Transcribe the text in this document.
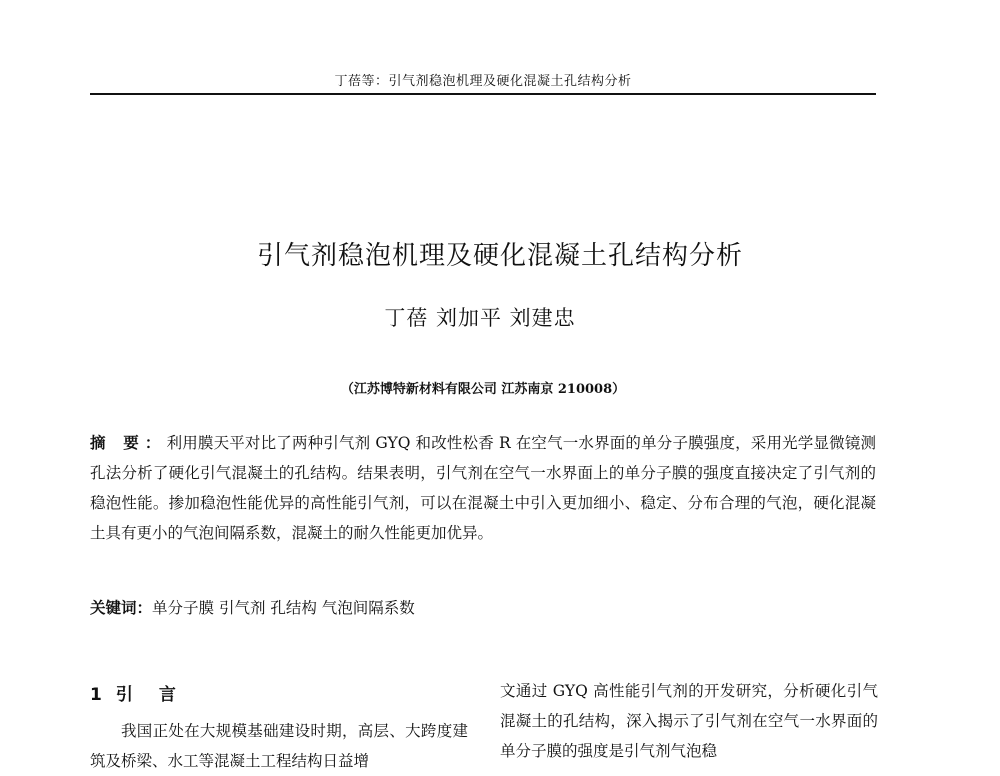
丁蓓等：引气剂稳泡机理及硬化混凝土孔结构分析
引气剂稳泡机理及硬化混凝土孔结构分析
丁蓓 刘加平 刘建忠
（江苏博特新材料有限公司 江苏南京 210008）
摘 要：利用膜天平对比了两种引气剂 GYQ 和改性松香 R 在空气一水界面的单分子膜强度，采用光学显微镜测孔法分析了硬化引气混凝土的孔结构。结果表明，引气剂在空气一水界面上的单分子膜的强度直接决定了引气剂的稳泡性能。掺加稳泡性能优异的高性能引气剂，可以在混凝土中引入更加细小、稳定、分布合理的气泡，硬化混凝土具有更小的气泡间隔系数，混凝土的耐久性能更加优异。
关键词：单分子膜 引气剂 孔结构 气泡间隔系数
1 引 言

我国正处在大规模基础建设时期，高层、大跨度建筑及桥梁、水工等混凝土工程结构日益增

文通过 GYQ 高性能引气剂的开发研究，分析硬化引气混凝土的孔结构，深入揭示了引气剂在空气一水界面的单分子膜的强度是引气剂气泡稳
